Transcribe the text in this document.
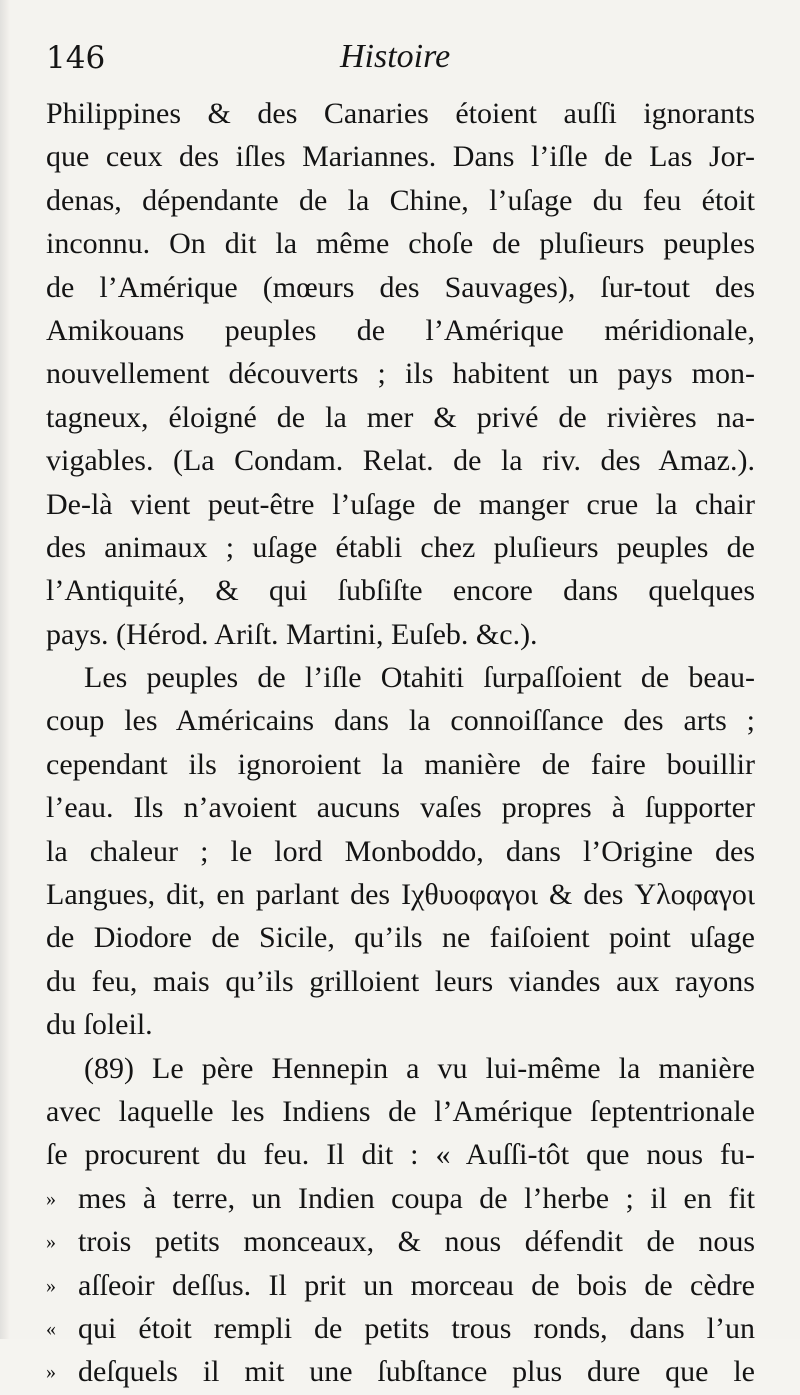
146	Histoire
Philippines & des Canaries étoient auſſi ignorants
que ceux des iſles Mariannes. Dans l’iſle de Las Jor-
denas, dépendante de la Chine, l’uſage du feu étoit
inconnu. On dit la même choſe de pluſieurs peuples
de l’Amérique (mœurs des Sauvages), ſur-tout des
Amikouans peuples de l’Amérique méridionale,
nouvellement découverts ; ils habitent un pays mon-
tagneux, éloigné de la mer & privé de rivières na-
vigables. (La Condam. Relat. de la riv. des Amaz.).
De-là vient peut-être l’uſage de manger crue la chair
des animaux ; uſage établi chez pluſieurs peuples de
l’Antiquité, & qui ſubſiſte encore dans quelques
pays. (Hérod. Ariſt. Martini, Euſeb. &c.).
Les peuples de l’iſle Otahiti ſurpaſſoient de beau-
coup les Américains dans la connoiſſance des arts ;
cependant ils ignoroient la manière de faire bouillir
l’eau. Ils n’avoient aucuns vaſes propres à ſupporter
la chaleur ; le lord Monboddo, dans l’Origine des
Langues, dit, en parlant des Ιχθυοφαγοι & des Υλοφαγοι
de Diodore de Sicile, qu’ils ne faiſoient point uſage
du feu, mais qu’ils grilloient leurs viandes aux rayons
du ſoleil.
(89) Le père Hennepin a vu lui-même la manière
avec laquelle les Indiens de l’Amérique ſeptentrionale
ſe procurent du feu. Il dit : « Auſſi-tôt que nous fu-
» mes à terre, un Indien coupa de l’herbe ; il en fit
» trois petits monceaux, & nous défendit de nous
» aſſeoir deſſus. Il prit un morceau de bois de cèdre
« qui étoit rempli de petits trous ronds, dans l’un
» deſquels il mit une ſubſtance plus dure que le
